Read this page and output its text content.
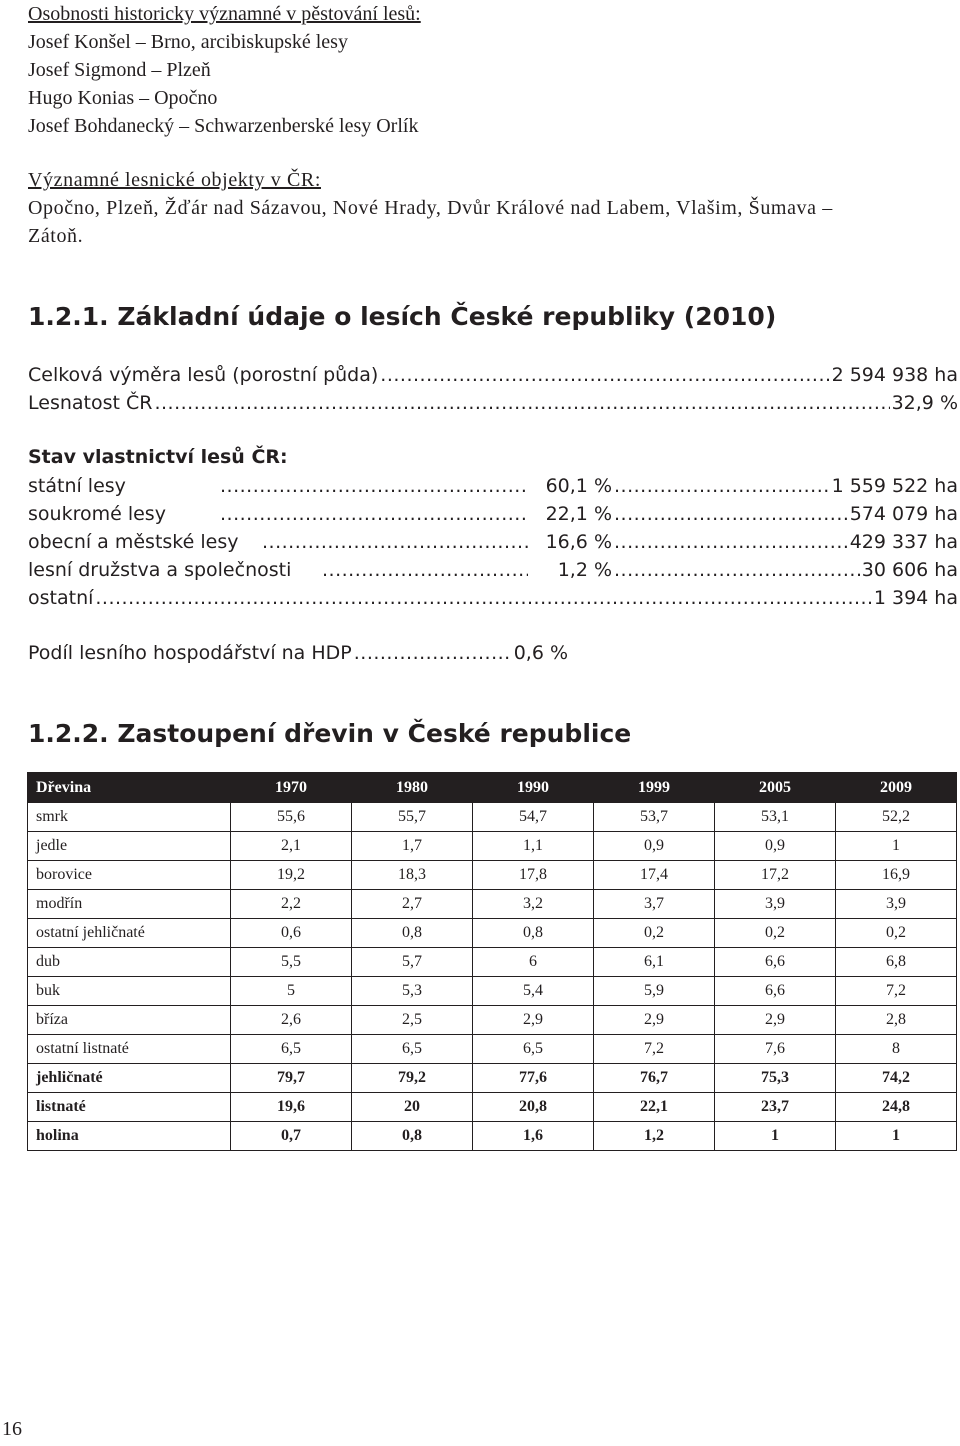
Osobnosti historicky významné v pěstování lesů:
Josef Konšel – Brno, arcibiskupské lesy
Josef Sigmond – Plzeň
Hugo Konias – Opočno
Josef Bohdanecký – Schwarzenberské lesy Orlík
Významné lesnické objekty v ČR:
Opočno, Plzeň, Žďár nad Sázavou, Nové Hrady, Dvůr Králové nad Labem, Vlašim, Šumava –
Zátoň.
1.2.1. Základní údaje o lesích České republiky (2010)
Celková výměra lesů (porostní půda) .....	2 594 938 ha
Lesnatost ČR .....	32,9 %
Stav vlastnictví lesů ČR:
státní lesy .....	60,1 % .....	1 559 522 ha
soukromé lesy .....	22,1 % .....	574 079 ha
obecní a městské lesy .....	16,6 % .....	429 337 ha
lesní družstva a společnosti .....	1,2 % .....	30 606 ha
ostatní .....	1 394 ha
Podíl lesního hospodářství na HDP .....	0,6 %
1.2.2. Zastoupení dřevin v České republice
Dřevina	1970	1980	1990	1999	2005	2009
smrk	55,6	55,7	54,7	53,7	53,1	52,2
jedle	2,1	1,7	1,1	0,9	0,9	1
borovice	19,2	18,3	17,8	17,4	17,2	16,9
modřín	2,2	2,7	3,2	3,7	3,9	3,9
ostatní jehličnaté	0,6	0,8	0,8	0,2	0,2	0,2
dub	5,5	5,7	6	6,1	6,6	6,8
buk	5	5,3	5,4	5,9	6,6	7,2
bříza	2,6	2,5	2,9	2,9	2,9	2,8
ostatní listnaté	6,5	6,5	6,5	7,2	7,6	8
jehličnaté	79,7	79,2	77,6	76,7	75,3	74,2
listnaté	19,6	20	20,8	22,1	23,7	24,8
holina	0,7	0,8	1,6	1,2	1	1
16
